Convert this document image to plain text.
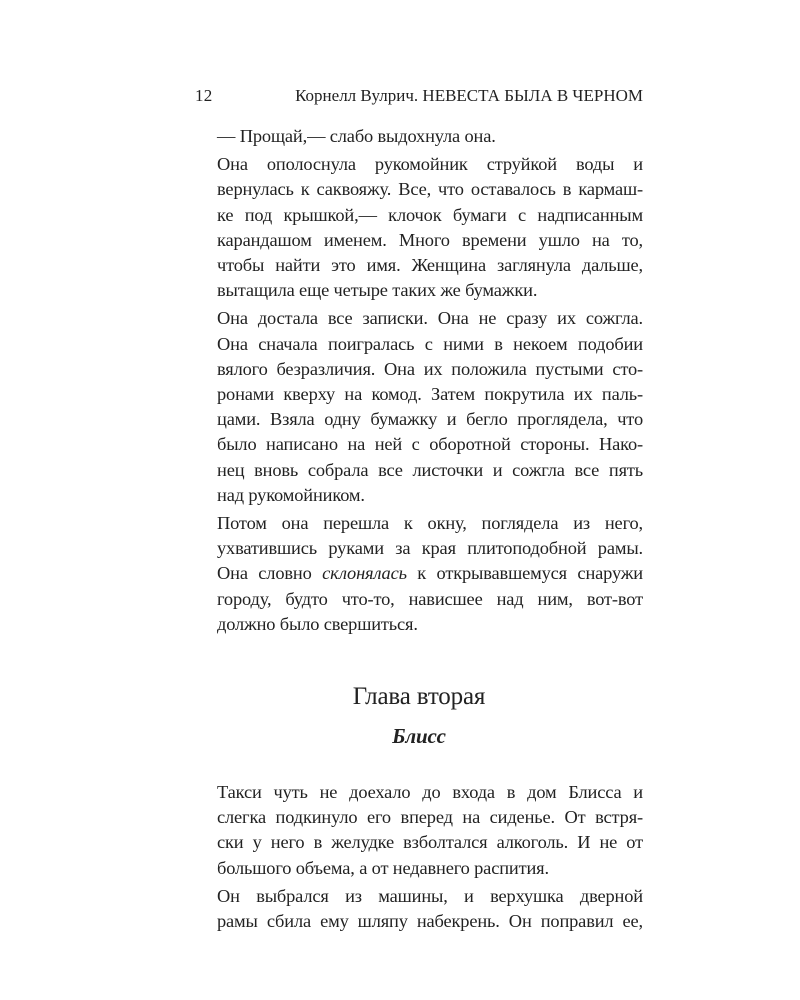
12	Корнелл Вулрич. НЕВЕСТА БЫЛА В ЧЕРНОМ

— Прощай,— слабо выдохнула она.

Она ополоснула рукомойник струйкой воды и
вернулась к саквояжу. Все, что оставалось в кармаш-
ке под крышкой,— клочок бумаги с надписанным
карандашом именем. Много времени ушло на то,
чтобы найти это имя. Женщина заглянула дальше,
вытащила еще четыре таких же бумажки.

Она достала все записки. Она не сразу их сожгла.
Она сначала поигралась с ними в некоем подобии
вялого безразличия. Она их положила пустыми сто-
ронами кверху на комод. Затем покрутила их паль-
цами. Взяла одну бумажку и бегло проглядела, что
было написано на ней с оборотной стороны. Нако-
нец вновь собрала все листочки и сожгла все пять
над рукомойником.

Потом она перешла к окну, поглядела из него,
ухватившись руками за края плитоподобной рамы.
Она словно склонялась к открывавшемуся снаружи
городу, будто что-то, нависшее над ним, вот-вот
должно было свершиться.

Глава вторая
Блисс

Такси чуть не доехало до входа в дом Блисса и
слегка подкинуло его вперед на сиденье. От встря-
ски у него в желудке взболтался алкоголь. И не от
большого объема, а от недавнего распития.

Он выбрался из машины, и верхушка дверной
рамы сбила ему шляпу набекрень. Он поправил ее,
